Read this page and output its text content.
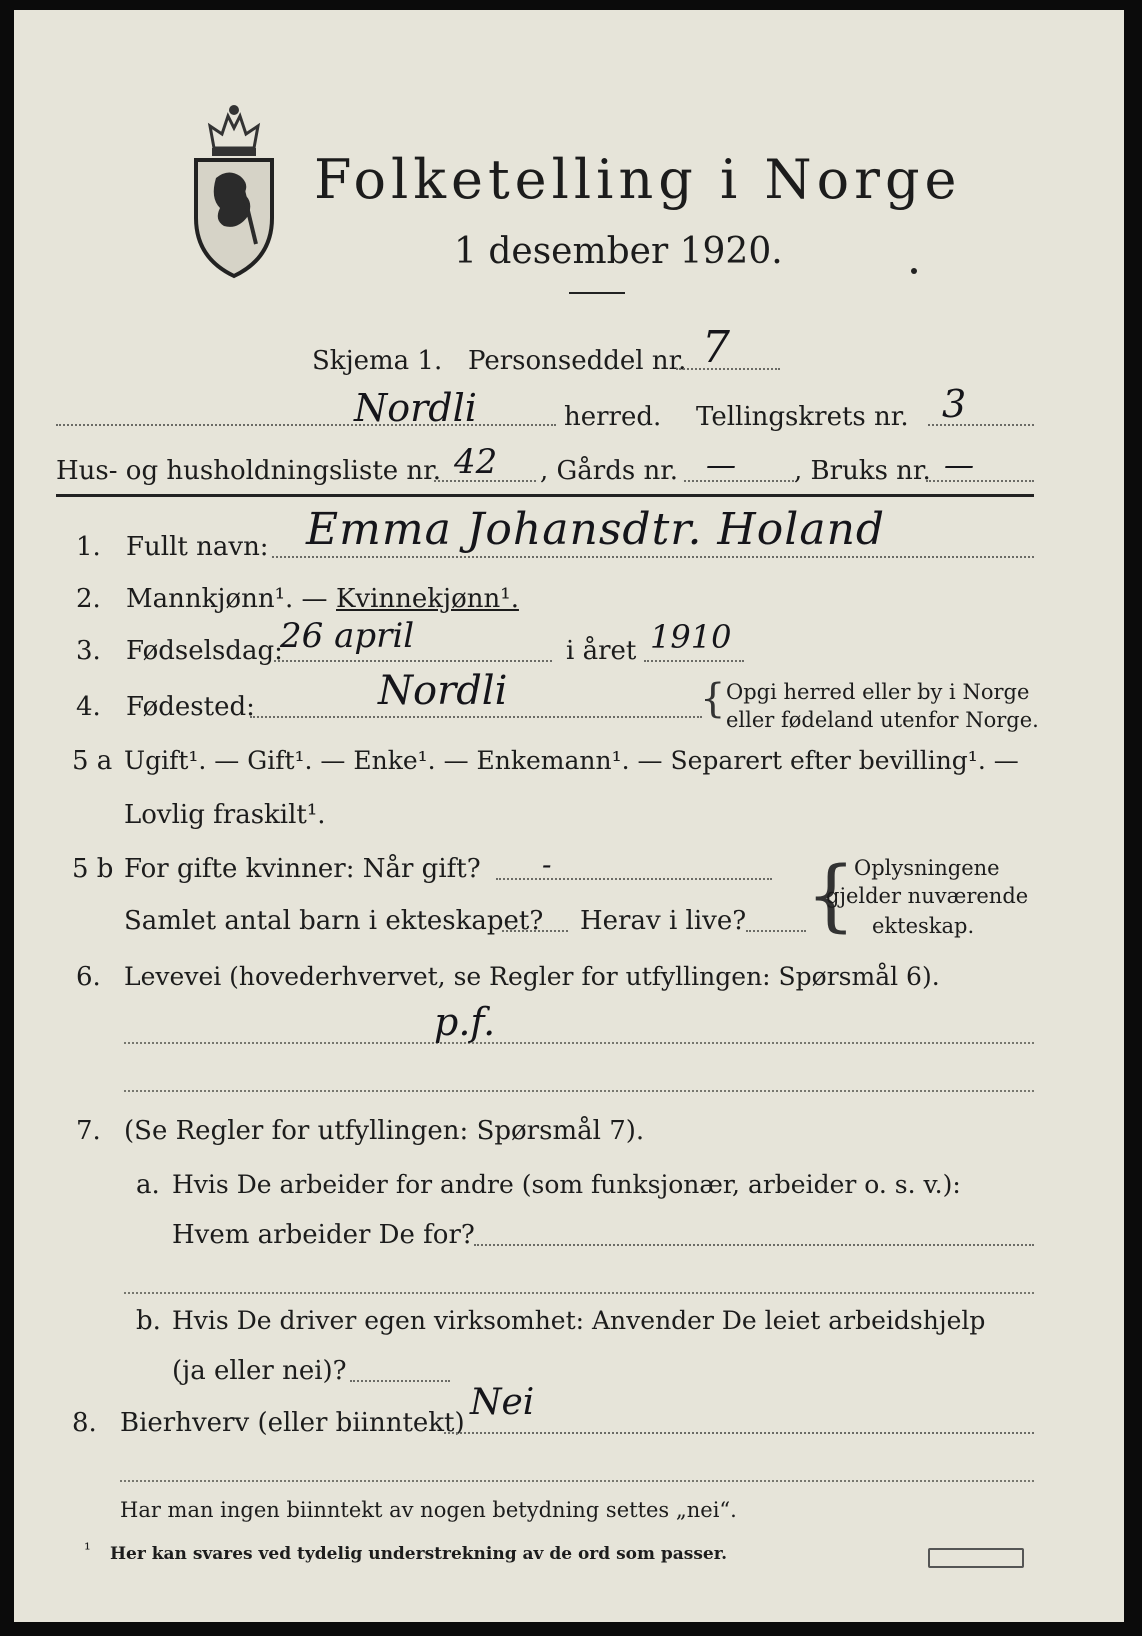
Folketelling i Norge
1 desember 1920.
Skjema 1. Personseddel nr. 7
Nordli	herred. Tellingskrets nr. 3
Hus- og husholdningsliste nr. 42 , Gårds nr. — , Bruks nr. —
1. Fullt navn: Emma Johansdtr. Holand
2. Mannkjønn¹. — Kvinnekjønn¹.
3. Fødselsdag:
26 april	i året 1910
4. Fødested:	Nordli	{ Opgi herred eller by i Norge
eller fødeland utenfor Norge.
5 a Ugift¹. — Gift¹. — Enke¹. — Enkemann¹. — Separert efter bevilling¹. —
Lovlig fraskilt¹.
5 b For gifte kvinner: Når gift? -
Samlet antal barn i ekteskapet? Herav i live? {
Oplysningene
gjelder nuværende
ekteskap.
6. Levevei (hovederhvervet, se Regler for utfyllingen: Spørsmål 6).
p.f.
7. (Se Regler for utfyllingen: Spørsmål 7).
a. Hvis De arbeider for andre (som funksjonær, arbeider o. s. v.):
Hvem arbeider De for?
b. Hvis De driver egen virksomhet: Anvender De leiet arbeidshjelp
(ja eller nei)?
8. Bierhverv (eller biinntekt) Nei
Har man ingen biinntekt av nogen betydning settes „nei“.
¹ Her kan svares ved tydelig understrekning av de ord som passer.
